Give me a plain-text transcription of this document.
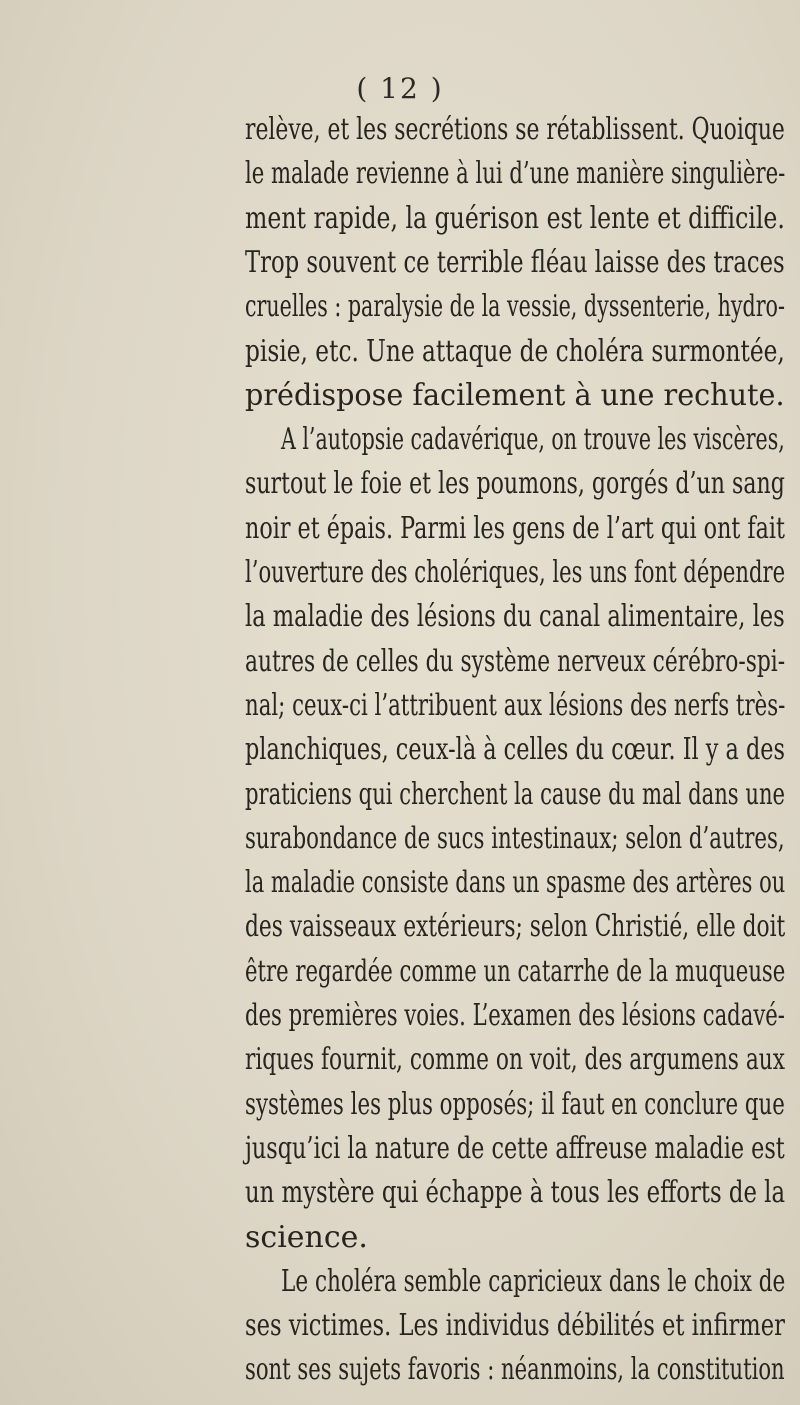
( 12 )
relève, et les secrétions se rétablissent. Quoique
le malade revienne à lui d’une manière singulière-
ment rapide, la guérison est lente et difficile.
Trop souvent ce terrible fléau laisse des traces
cruelles : paralysie de la vessie, dyssenterie, hydro-
pisie, etc. Une attaque de choléra surmontée,
prédispose facilement à une rechute.
A l’autopsie cadavérique, on trouve les viscères,
surtout le foie et les poumons, gorgés d’un sang
noir et épais. Parmi les gens de l’art qui ont fait
l’ouverture des cholériques, les uns font dépendre
la maladie des lésions du canal alimentaire, les
autres de celles du système nerveux cérébro-spi-
nal; ceux-ci l’attribuent aux lésions des nerfs très-
planchiques, ceux-là à celles du cœur. Il y a des
praticiens qui cherchent la cause du mal dans une
surabondance de sucs intestinaux; selon d’autres,
la maladie consiste dans un spasme des artères ou
des vaisseaux extérieurs; selon Christié, elle doit
être regardée comme un catarrhe de la muqueuse
des premières voies. L’examen des lésions cadavé-
riques fournit, comme on voit, des argumens aux
systèmes les plus opposés; il faut en conclure que
jusqu’ici la nature de cette affreuse maladie est
un mystère qui échappe à tous les efforts de la
science.
Le choléra semble capricieux dans le choix de
ses victimes. Les individus débilités et infirmer
sont ses sujets favoris : néanmoins, la constitution
